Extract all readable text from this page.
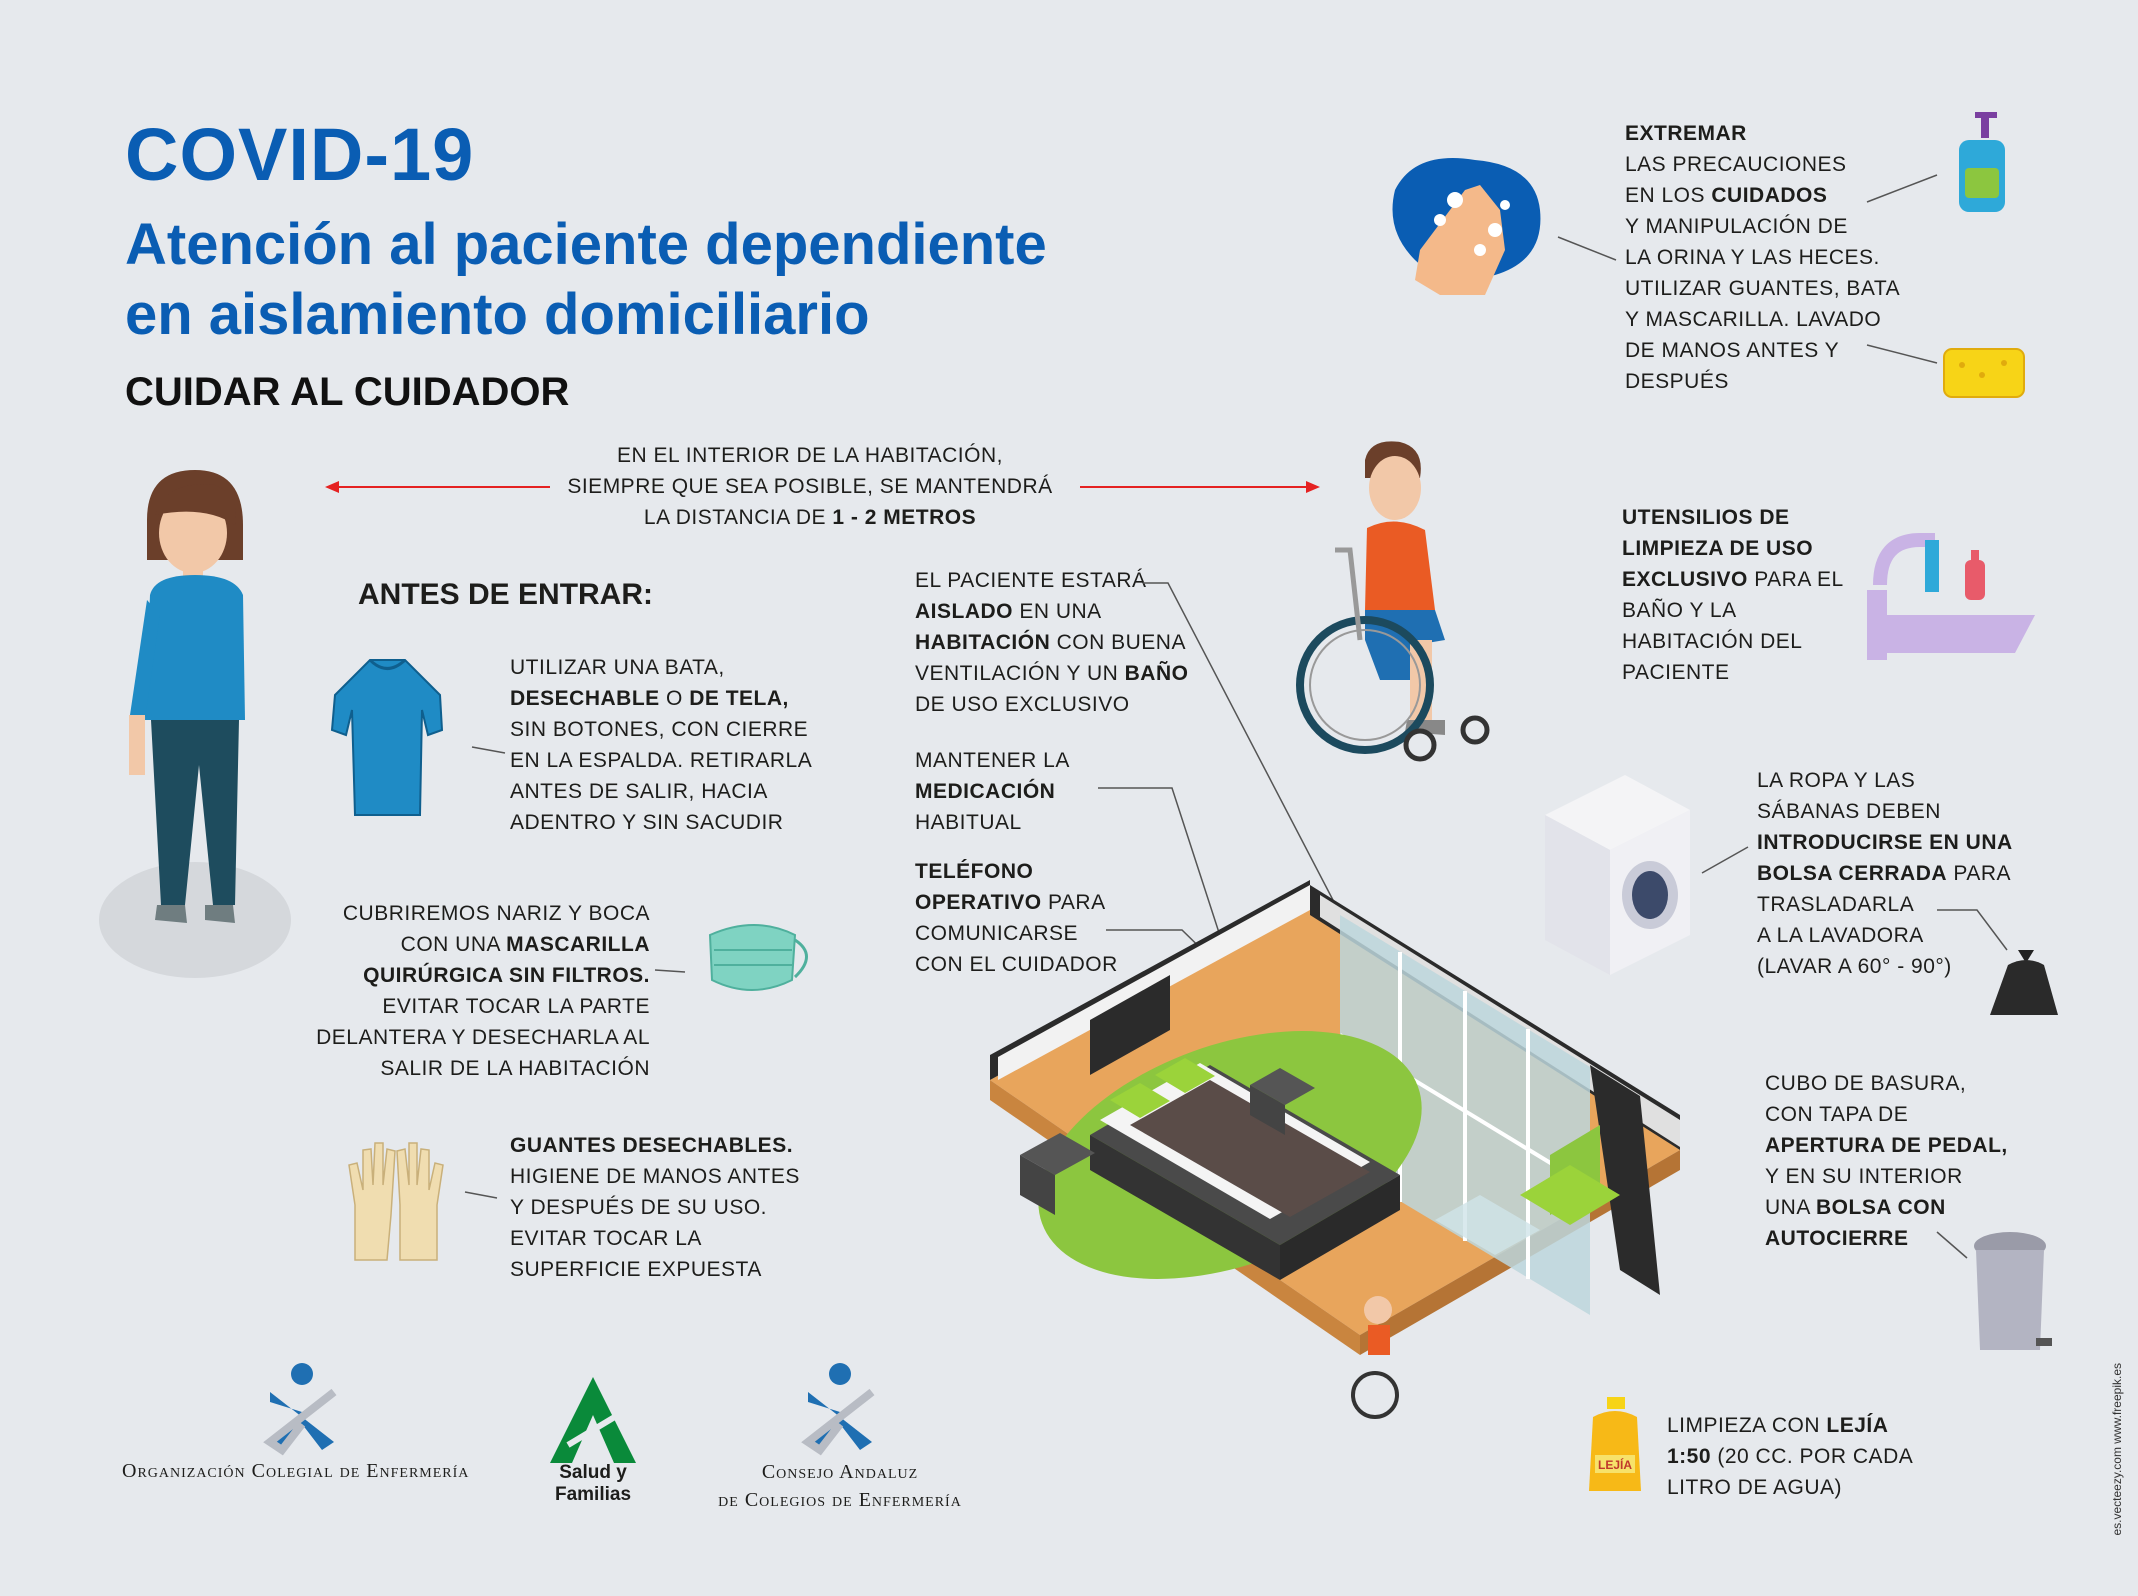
COVID-19
Atención al paciente dependiente
en aislamiento domiciliario
CUIDAR AL CUIDADOR
EN EL INTERIOR DE LA HABITACIÓN,
SIEMPRE QUE SEA POSIBLE, SE MANTENDRÁ
LA DISTANCIA DE 1 - 2 METROS
ANTES DE ENTRAR:
UTILIZAR UNA BATA,
DESECHABLE O DE TELA,
SIN BOTONES, CON CIERRE
EN LA ESPALDA. RETIRARLA
ANTES DE SALIR, HACIA
ADENTRO Y SIN SACUDIR
CUBRIREMOS NARIZ Y BOCA
CON UNA MASCARILLA
QUIRÚRGICA SIN FILTROS.
EVITAR TOCAR LA PARTE
DELANTERA Y DESECHARLA AL
SALIR DE LA HABITACIÓN
GUANTES DESECHABLES.
HIGIENE DE MANOS ANTES
Y DESPUÉS DE SU USO.
EVITAR TOCAR LA
SUPERFICIE EXPUESTA
EL PACIENTE ESTARÁ
AISLADO EN UNA
HABITACIÓN CON BUENA
VENTILACIÓN Y UN BAÑO
DE USO EXCLUSIVO
MANTENER LA
MEDICACIÓN
HABITUAL
TELÉFONO
OPERATIVO PARA
COMUNICARSE
CON EL CUIDADOR
EXTREMAR
LAS PRECAUCIONES
EN LOS CUIDADOS
Y MANIPULACIÓN DE
LA ORINA Y LAS HECES.
UTILIZAR GUANTES, BATA
Y MASCARILLA. LAVADO
DE MANOS ANTES Y
DESPUÉS
UTENSILIOS DE
LIMPIEZA DE USO
EXCLUSIVO PARA EL
BAÑO Y LA
HABITACIÓN DEL
PACIENTE
LA ROPA Y LAS
SÁBANAS DEBEN
INTRODUCIRSE EN UNA
BOLSA CERRADA PARA
TRASLADARLA
A LA LAVADORA
(LAVAR A 60° - 90°)
CUBO DE BASURA,
CON TAPA DE
APERTURA DE PEDAL,
Y EN SU INTERIOR
UNA BOLSA CON
AUTOCIERRE
LEJÍA
LIMPIEZA CON LEJÍA
1:50 (20 CC. POR CADA
LITRO DE AGUA)
Organización Colegial de Enfermería	Salud y
Familias
Consejo Andaluz
de Colegios de Enfermería	es.vecteezy.com www.freepik.es
